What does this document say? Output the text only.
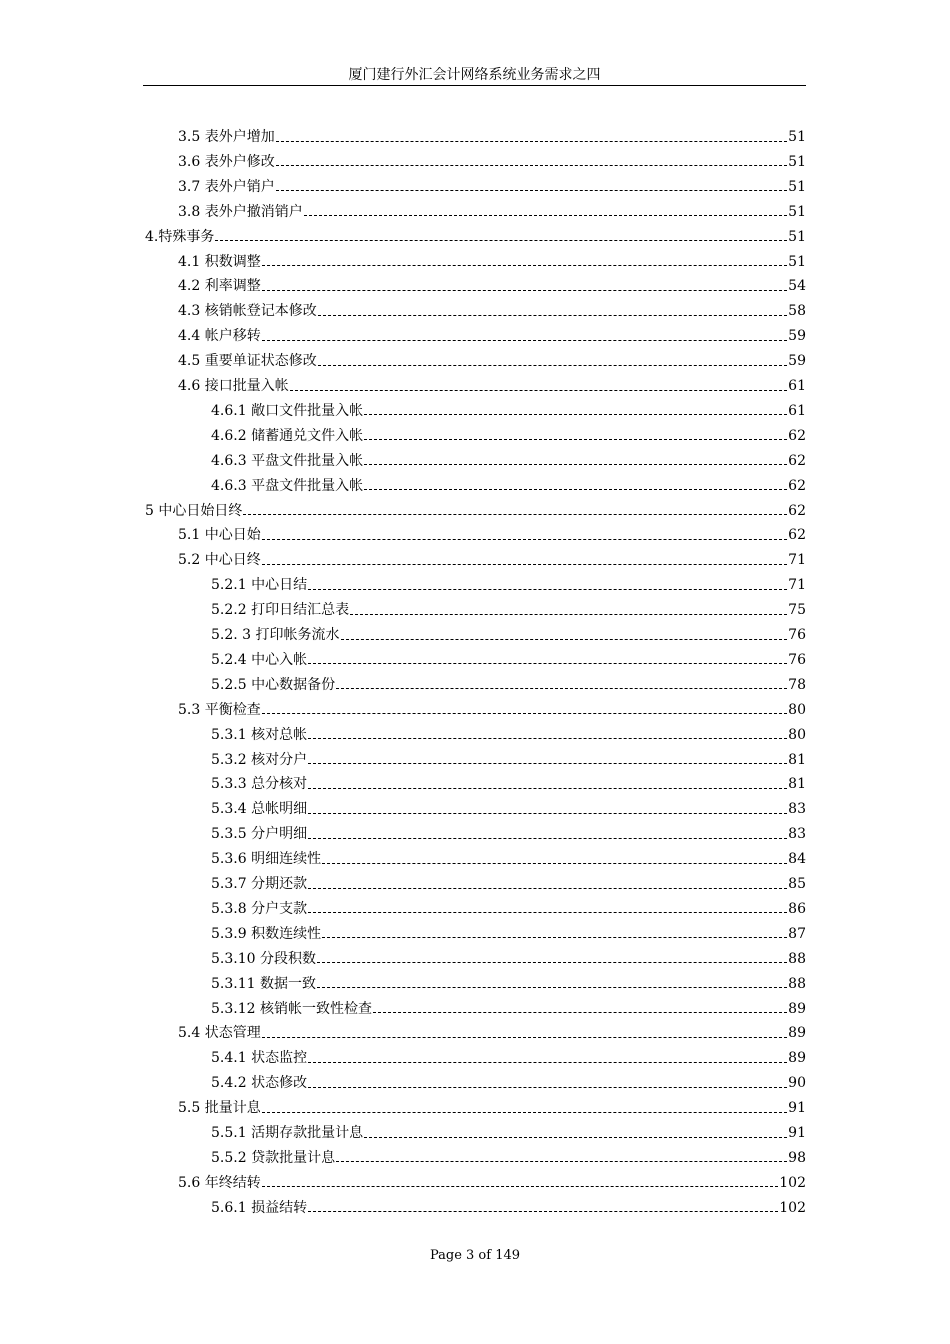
厦门建行外汇会计网络系统业务需求之四
3.5 表外户增加	51
3.6 表外户修改	51
3.7 表外户销户	51
3.8 表外户撤消销户	51
4.特殊事务	51
4.1 积数调整	51
4.2 利率调整	54
4.3 核销帐登记本修改	58
4.4 帐户移转	59
4.5 重要单证状态修改	59
4.6 接口批量入帐	61
4.6.1 敞口文件批量入帐	61
4.6.2 储蓄通兑文件入帐	62
4.6.3 平盘文件批量入帐	62
4.6.3 平盘文件批量入帐	62
5 中心日始日终	62
5.1 中心日始	62
5.2 中心日终	71
5.2.1 中心日结	71
5.2.2 打印日结汇总表	75
5.2. 3 打印帐务流水	76
5.2.4 中心入帐	76
5.2.5 中心数据备份	78
5.3 平衡检查	80
5.3.1 核对总帐	80
5.3.2 核对分户	81
5.3.3 总分核对	81
5.3.4 总帐明细	83
5.3.5 分户明细	83
5.3.6 明细连续性	84
5.3.7 分期还款	85
5.3.8 分户支款	86
5.3.9 积数连续性	87
5.3.10 分段积数	88
5.3.11 数据一致	88
5.3.12 核销帐一致性检查	89
5.4 状态管理	89
5.4.1 状态监控	89
5.4.2 状态修改	90
5.5 批量计息	91
5.5.1 活期存款批量计息	91
5.5.2 贷款批量计息	98
5.6 年终结转	102
5.6.1 损益结转	102
Page 3 of 149
